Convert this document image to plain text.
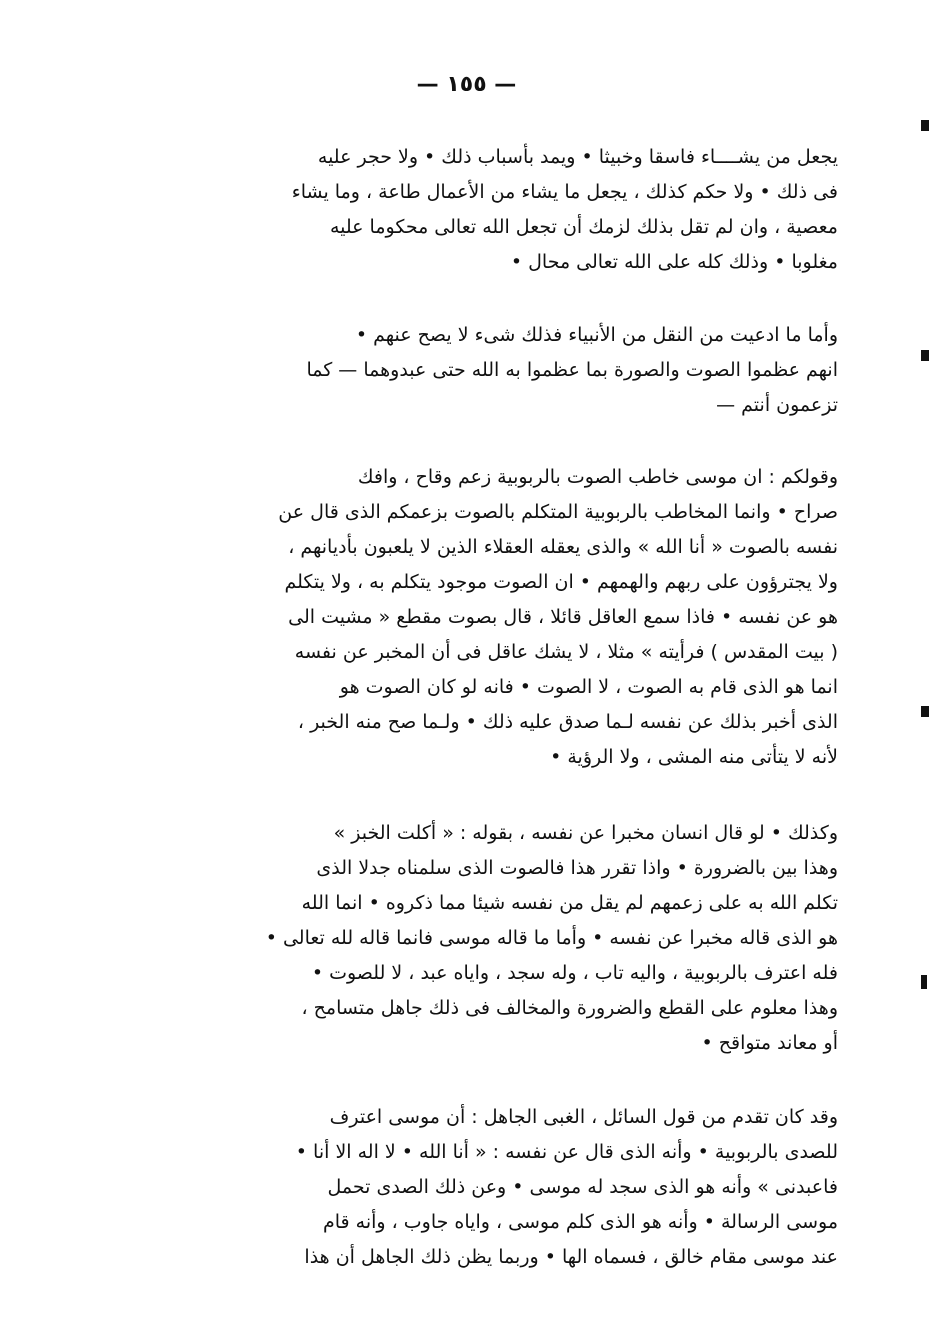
— ١٥٥ —
يجعل من يشــــاء فاسقا وخبيثا • ويمد بأسباب ذلك • ولا حجر عليه
فى ذلك • ولا حكم كذلك ، يجعل ما يشاء من الأعمال طاعة ، وما يشاء
معصية ، وان لم تقل بذلك لزمك أن تجعل الله تعالى محكوما عليه
مغلوبا • وذلك كله على الله تعالى محال •
وأما ما ادعيت من النقل من الأنبياء فذلك شىء لا يصح عنهم •
انهم عظموا الصوت والصورة بما عظموا به الله حتى عبدوهما — كما
تزعمون أنتم —
وقولكم : ان موسى خاطب الصوت بالربوبية زعم وقاح ، وافك
صراح • وانما المخاطب بالربوبية المتكلم بالصوت بزعمكم الذى قال عن
نفسه بالصوت « أنا الله » والذى يعقله العقلاء الذين لا يلعبون بأديانهم ،
ولا يجترؤون على ربهم والهمهم • ان الصوت موجود يتكلم به ، ولا يتكلم
هو عن نفسه • فاذا سمع العاقل قائلا ، قال بصوت مقطع « مشيت الى
( بيت المقدس ) فرأيته » مثلا ، لا يشك عاقل فى أن المخبر عن نفسه
انما هو الذى قام به الصوت ، لا الصوت • فانه لو كان الصوت هو
الذى أخبر بذلك عن نفسه لـما صدق عليه ذلك • ولـما صح منه الخبر ،
لأنه لا يتأتى منه المشى ، ولا الرؤية •
وكذلك • لو قال انسان مخبرا عن نفسه ، بقوله : « أكلت الخبز »
وهذا بين بالضرورة • واذا تقرر هذا فالصوت الذى سلمناه جدلا الذى
تكلم الله به على زعمهم لم يقل من نفسه شيئا مما ذكروه • انما الله
هو الذى قاله مخبرا عن نفسه • وأما ما قاله موسى فانما قاله لله تعالى •
فله اعترف بالربوبية ، واليه تاب ، وله سجد ، واياه عبد ، لا للصوت •
وهذا معلوم على القطع والضرورة والمخالف فى ذلك جاهل متسامح ،
أو معاند متواقح •
وقد كان تقدم من قول السائل ، الغبى الجاهل : أن موسى اعترف
للصدى بالربوبية • وأنه الذى قال عن نفسه : « أنا الله • لا اله الا أنا •
فاعبدنى » وأنه هو الذى سجد له موسى • وعن ذلك الصدى تحمل
موسى الرسالة • وأنه هو الذى كلم موسى ، واياه جاوب ، وأنه قام
عند موسى مقام خالق ، فسماه الها • وربما يظن ذلك الجاهل أن هذا
